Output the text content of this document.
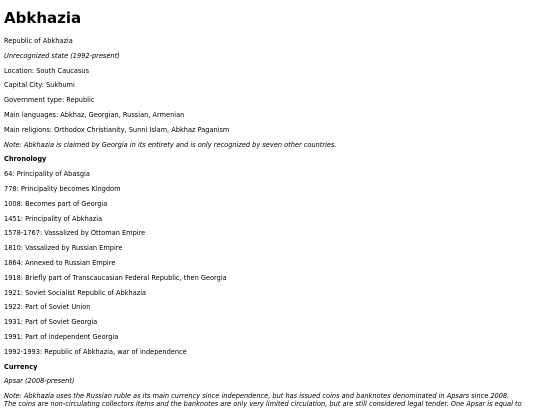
Abkhazia

Republic of Abkhazia

Unrecognized state (1992-present)

Location: South Caucasus

Capital City: Sukhumi

Government type: Republic

Main languages: Abkhaz, Georgian, Russian, Armenian

Main religions: Orthodox Christianity, Sunni Islam, Abkhaz Paganism

Note: Abkhazia is claimed by Georgia in its entirety and is only recognized by seven other countries.

Chronology

64: Principality of Abasgia

778: Principality becomes Kingdom

1008: Becomes part of Georgia

1451: Principality of Abkhazia

1578-1767: Vassalized by Ottoman Empire

1810: Vassalized by Russian Empire

1864: Annexed to Russian Empire

1918: Briefly part of Transcaucasian Federal Republic, then Georgia

1921: Soviet Socialist Republic of Abkhazia

1922: Part of Soviet Union

1931: Part of Soviet Georgia

1991: Part of independent Georgia

1992-1993: Republic of Abkhazia, war of independence

Currency

Apsar (2008-present)

Note: Abkhazia uses the Russian ruble as its main currency since independence, but has issued coins and banknotes denominated in Apsars since 2008.

The coins are non-circulating collectors items and the banknotes are only very limited circulation, but are still considered legal tender. One Apsar is equal to
